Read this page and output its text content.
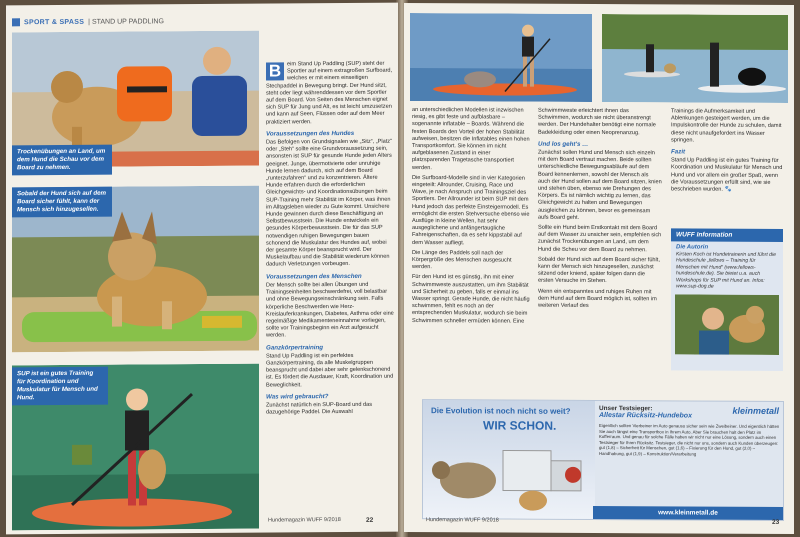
SPORT & SPASS | STAND UP PADDLING
Trockenübungen an Land, um dem Hund die Schau vor dem Board zu nehmen.
Sobald der Hund sich auf dem Board sicher fühlt, kann der Mensch sich hinzugesellen.
SUP ist ein gutes Training für Koordination und Muskulatur für Mensch und Hund.

B	eim Stand Up Paddling (SUP) steht der Sportler auf einem extragroßen Surfboard, welches er mit einem einseitigen Stechpaddel in Bewegung bringt. Der Hund sitzt, steht oder liegt währenddessen vor dem Sportler auf dem Board. Von Seiten des Menschen eignet sich SUP für Jung und Alt, es ist leicht umzusetzen und kann auf Seen, Flüssen oder auf dem Meer praktiziert werden.

Voraussetzungen des Hundes

Das Befolgen von Grundsignalen wie „Sitz“, „Platz“ oder „Steh“ sollte eine Grundvoraussetzung sein, ansonsten ist SUP für gesunde Hunde jeden Alters geeignet. Junge, übermotivierte oder unruhige Hunde lernen dadurch, sich auf dem Board „runterzufahren“ und zu konzentrieren. Ältere Hunde erfahren durch die erforderlichen Gleichgewichts- und Koordinationsübungen beim SUP-Training mehr Stabilität im Körper, was ihnen im Alltagsleben wieder zu Gute kommt. Unsichere Hunde gewinnen durch diese Beschäftigung an Selbstbewusstsein. Die Hunde entwickeln ein gesundes Körperbewusstsein. Die für das SUP notwendigen ruhigen Bewegungen bauen schonend die Muskulatur des Hundes auf, wobei der gesamte Körper beansprucht wird. Der Muskelaufbau und die Stabilität wiederum können dadurch Verletzungen vorbeugen.

Voraussetzungen des Menschen

Der Mensch sollte bei allen Übungen und Trainingseinheiten beschwerdefrei, voll belastbar und ohne Bewegungseinschränkung sein. Falls körperliche Beschwerden wie Herz-Kreislauferkrankungen, Diabetes, Asthma oder eine regelmäßige Medikamenteneinnahme vorliegen, sollte vor Trainingsbeginn ein Arzt aufgesucht werden.

Ganzkörpertraining

Stand Up Paddling ist ein perfektes Ganzkörpertraining, da alle Muskelgruppen beansprucht und dabei aber sehr gelenkschonend ist. Es fördert die Ausdauer, Kraft, Koordination und Beweglichkeit.

Was wird gebraucht?

Zunächst natürlich ein SUP-Board und das dazugehörige Paddel. Die Auswahl

Hundemagazin WUFF 9/2018	22

an unterschiedlichen Modellen ist inzwischen riesig, es gibt feste und aufblasbare – sogenannte inflatable – Boards. Während die festen Boards den Vorteil der hohen Stabilität aufweisen, besitzen die Inflatables einen hohen Transportkomfort. Sie können im nicht aufgeblasenen Zustand in einer platzsparenden Tragetasche transportiert werden.

Die Surfboard-Modelle sind in vier Kategorien eingeteilt: Allrounder, Cruising, Race und Wave, je nach Anspruch und Trainingsziel des Sportlers. Der Allrounder ist beim SUP mit dem Hund jedoch das perfekte Einsteigermodell. Es ermöglicht die ersten Stehversuche ebenso wie Ausflüge in kleine Wellen, hat sehr ausgeglichene und anfängertaugliche Fahreigenschaften, da es sehr kippstabil auf dem Wasser aufliegt.

Die Länge des Paddels soll nach der Körpergröße des Menschen ausgesucht werden.

Für den Hund ist es günstig, ihn mit einer Schwimmweste auszustatten, um ihm Stabilität und Sicherheit zu geben, falls er einmal ins Wasser springt. Gerade Hunde, die nicht häufig schwimmen, fehlt es noch an der entsprechenden Muskulatur, wodurch sie beim Schwimmen schneller ermüden können. Eine

Schwimmweste erleichtert ihnen das Schwimmen, wodurch sie nicht überanstrengt werden. Der Hundehalter benötigt eine normale Badekleidung oder einen Neoprenanzug.

Und los geht's …

Zunächst sollen Hund und Mensch sich einzeln mit dem Board vertraut machen. Beide sollten unterschiedliche Bewegungsabläufe auf dem Board kennenlernen, sowohl der Mensch als auch der Hund sollen auf dem Board sitzen, knien und stehen üben, ebenso wie Drehungen des Körpers. Es ist nämlich wichtig zu lernen, das Gleichgewicht zu halten und Bewegungen ausgleichen zu können, bevor es gemeinsam aufs Board geht.

Sollte ein Hund beim Erstkontakt mit dem Board auf dem Wasser zu unsicher sein, empfehlen sich zunächst Trockenübungen an Land, um dem Hund die Scheu vor dem Board zu nehmen.

Sobald der Hund sich auf dem Board sicher fühlt, kann der Mensch sich hinzugesellen, zunächst sitzend oder kniend, später folgen dann die ersten Versuche im Stehen.

Wenn ein entspanntes und ruhiges Ruhen mit dem Hund auf dem Board möglich ist, sollten im weiteren Verlauf des

Trainings die Aufmerksamkeit und Ablenkungen gesteigert werden, um die Impulskontrolle der Hunde zu schulen, damit diese nicht unaufgefordert ins Wasser springen.

Fazit

Stand Up Paddling ist ein gutes Training für Koordination und Muskulatur für Mensch und Hund und vor allem ein großer Spaß, wenn die Voraussetzungen erfüllt sind, wie sie beschrieben wurden. 🐾

WUFF Information
Die Autorin
Kirsten Koch ist Hundetrainerin und führt die Hundeschule „fellows – Training für Menschen mit Hund“ (www.fellows-hundeschule.de). Sie bietet u.a. auch Workshops für SUP mit Hund an. Infos: www.sup-dog.de
Die Evolution ist noch nicht so weit?
WIR SCHON.
Unser Testsieger:
Allestar Rücksitz-Hundebox
Eigentlich sollten Vierbeiner im Auto genauso sicher sein wie Zweibeiner. Und eigentlich hätten Sie auch längst eine Transportbox in Ihrem Auto. Aber Sie brauchen halt den Platz im Kofferraum. Und genau für solche Fälle haben wir nicht nur eine Lösung, sondern auch einen Testsieger für Ihren Rücksitz. Testsieger, die nicht nur uns, sondern auch Kunden überzeugen: gut (1,8) – Sicherheit für Menschen, gut (1,6) – Fixierung für den Hund, gut (2,0) – Handhabung, gut (1,9) – Konstruktion/Verarbeitung
kleinmetall
www.kleinmetall.de
Hundemagazin WUFF 9/2018	23
